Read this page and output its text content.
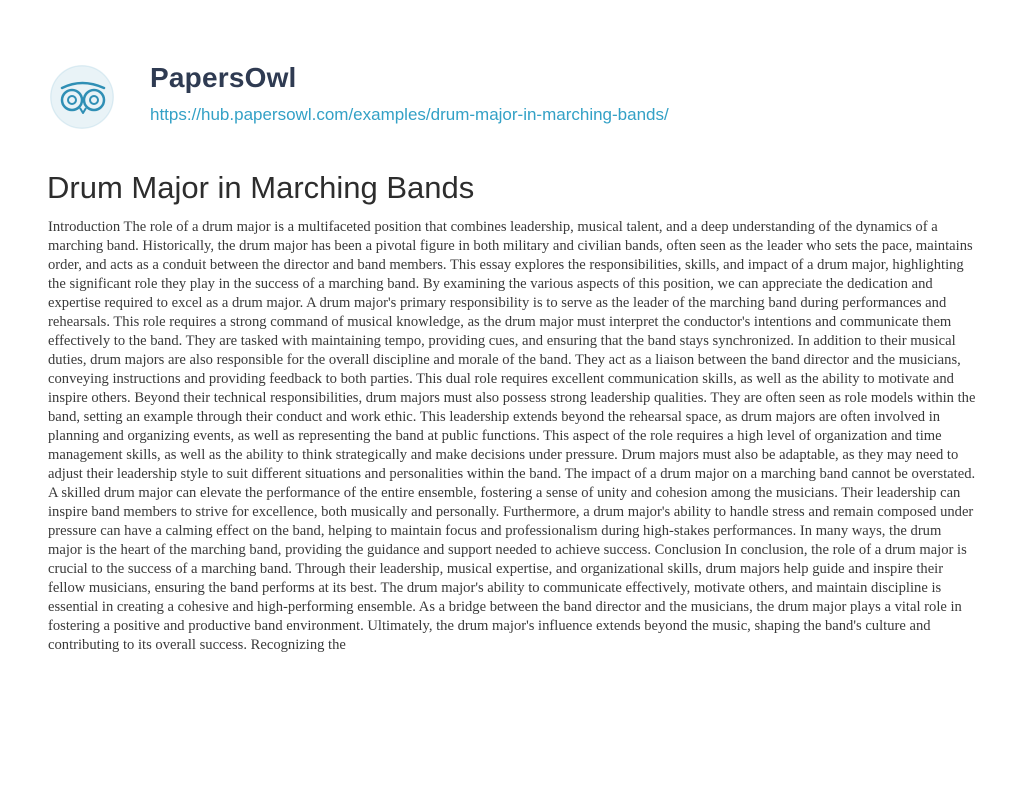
PapersOwl
https://hub.papersowl.com/examples/drum-major-in-marching-bands/
Drum Major in Marching Bands

Introduction The role of a drum major is a multifaceted position that combines leadership, musical talent, and a deep understanding of the dynamics of a marching band. Historically, the drum major has been a pivotal figure in both military and civilian bands, often seen as the leader who sets the pace, maintains order, and acts as a conduit between the director and band members. This essay explores the responsibilities, skills, and impact of a drum major, highlighting the significant role they play in the success of a marching band. By examining the various aspects of this position, we can appreciate the dedication and expertise required to excel as a drum major. A drum major's primary responsibility is to serve as the leader of the marching band during performances and rehearsals. This role requires a strong command of musical knowledge, as the drum major must interpret the conductor's intentions and communicate them effectively to the band. They are tasked with maintaining tempo, providing cues, and ensuring that the band stays synchronized. In addition to their musical duties, drum majors are also responsible for the overall discipline and morale of the band. They act as a liaison between the band director and the musicians, conveying instructions and providing feedback to both parties. This dual role requires excellent communication skills, as well as the ability to motivate and inspire others. Beyond their technical responsibilities, drum majors must also possess strong leadership qualities. They are often seen as role models within the band, setting an example through their conduct and work ethic. This leadership extends beyond the rehearsal space, as drum majors are often involved in planning and organizing events, as well as representing the band at public functions. This aspect of the role requires a high level of organization and time management skills, as well as the ability to think strategically and make decisions under pressure. Drum majors must also be adaptable, as they may need to adjust their leadership style to suit different situations and personalities within the band. The impact of a drum major on a marching band cannot be overstated. A skilled drum major can elevate the performance of the entire ensemble, fostering a sense of unity and cohesion among the musicians. Their leadership can inspire band members to strive for excellence, both musically and personally. Furthermore, a drum major's ability to handle stress and remain composed under pressure can have a calming effect on the band, helping to maintain focus and professionalism during high-stakes performances. In many ways, the drum major is the heart of the marching band, providing the guidance and support needed to achieve success. Conclusion In conclusion, the role of a drum major is crucial to the success of a marching band. Through their leadership, musical expertise, and organizational skills, drum majors help guide and inspire their fellow musicians, ensuring the band performs at its best. The drum major's ability to communicate effectively, motivate others, and maintain discipline is essential in creating a cohesive and high-performing ensemble. As a bridge between the band director and the musicians, the drum major plays a vital role in fostering a positive and productive band environment. Ultimately, the drum major's influence extends beyond the music, shaping the band's culture and contributing to its overall success. Recognizing the
